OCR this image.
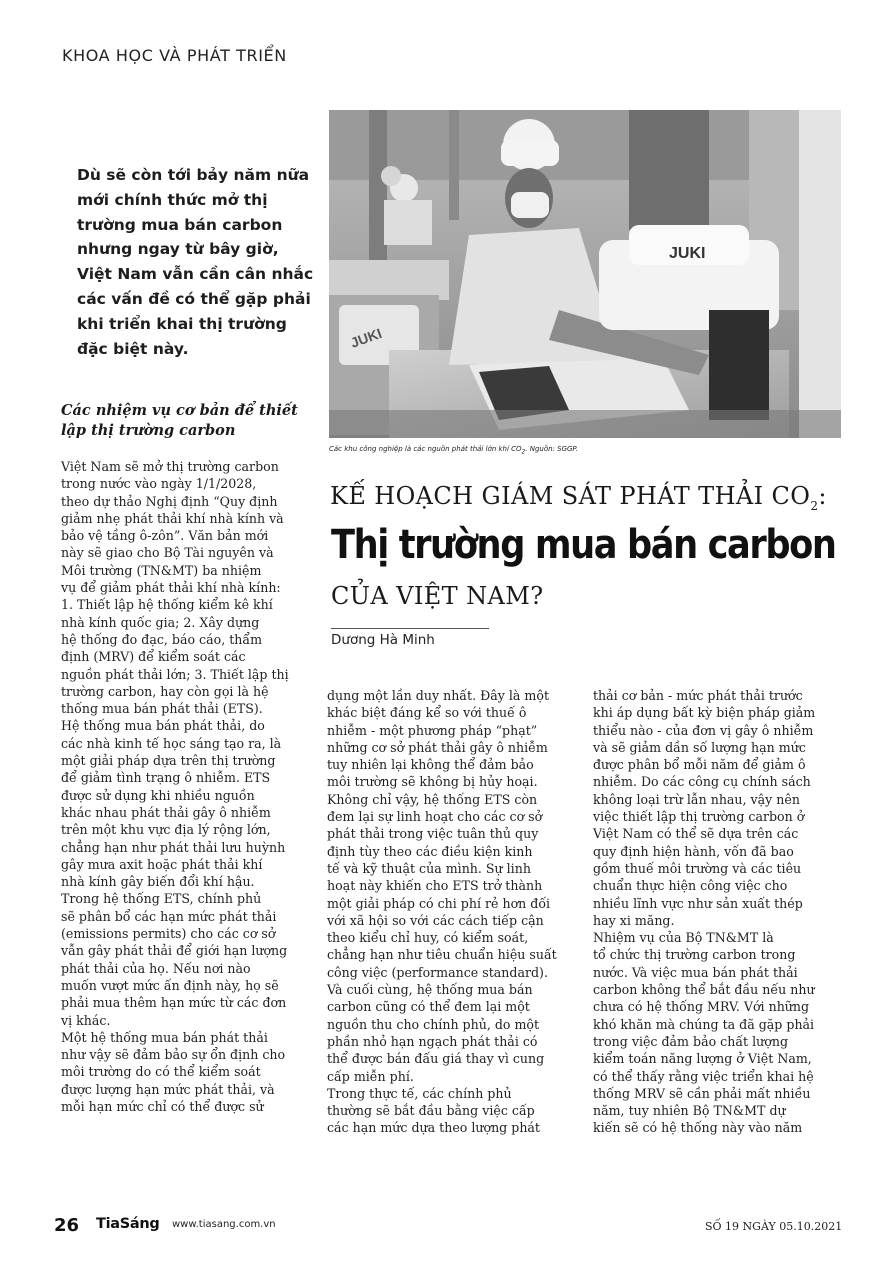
KHOA HỌC VÀ PHÁT TRIỂN
Dù sẽ còn tới bảy năm nữa mới chính thức mở thị trường mua bán carbon nhưng ngay từ bây giờ, Việt Nam vẫn cần cân nhắc các vấn đề có thể gặp phải khi triển khai thị trường đặc biệt này.	JUKI
JUKI
Các khu công nghiệp là các nguồn phát thải lớn khí $CO_2$. Nguồn: SGGP.
KẾ HOẠCH GIÁM SÁT PHÁT THẢI $CO_2$:
Thị trường mua bán carbon
CỦA VIỆT NAM?
Dương Hà Minh
Các nhiệm vụ cơ bản để thiết lập thị trường carbon

Việt Nam sẽ mở thị trường carbon

trong nước vào ngày 1/1/2028,

theo dự thảo Nghị định “Quy định

giảm nhẹ phát thải khí nhà kính và

bảo vệ tầng ô-zôn”. Văn bản mới

này sẽ giao cho Bộ Tài nguyên và

Môi trường (TN&MT) ba nhiệm

vụ để giảm phát thải khí nhà kính:

1. Thiết lập hệ thống kiểm kê khí

nhà kính quốc gia; 2. Xây dựng

hệ thống đo đạc, báo cáo, thẩm

định (MRV) để kiểm soát các

nguồn phát thải lớn; 3. Thiết lập thị

trường carbon, hay còn gọi là hệ

thống mua bán phát thải (ETS).

Hệ thống mua bán phát thải, do

các nhà kinh tế học sáng tạo ra, là

một giải pháp dựa trên thị trường

để giảm tình trạng ô nhiễm. ETS

được sử dụng khi nhiều nguồn

khác nhau phát thải gây ô nhiễm

trên một khu vực địa lý rộng lớn,

chẳng hạn như phát thải lưu huỳnh

gây mưa axit hoặc phát thải khí

nhà kính gây biến đổi khí hậu.

Trong hệ thống ETS, chính phủ

sẽ phân bổ các hạn mức phát thải

(emissions permits) cho các cơ sở

vẫn gây phát thải để giới hạn lượng

phát thải của họ. Nếu nơi nào

muốn vượt mức ấn định này, họ sẽ

phải mua thêm hạn mức từ các đơn

vị khác.

Một hệ thống mua bán phát thải

như vậy sẽ đảm bảo sự ổn định cho

môi trường do có thể kiểm soát

được lượng hạn mức phát thải, và

mỗi hạn mức chỉ có thể được sử

dụng một lần duy nhất. Đây là một

khác biệt đáng kể so với thuế ô

nhiễm - một phương pháp “phạt”

những cơ sở phát thải gây ô nhiễm

tuy nhiên lại không thể đảm bảo

môi trường sẽ không bị hủy hoại.

Không chỉ vậy, hệ thống ETS còn

đem lại sự linh hoạt cho các cơ sở

phát thải trong việc tuân thủ quy

định tùy theo các điều kiện kinh

tế và kỹ thuật của mình. Sự linh

hoạt này khiến cho ETS trở thành

một giải pháp có chi phí rẻ hơn đối

với xã hội so với các cách tiếp cận

theo kiểu chỉ huy, có kiểm soát,

chẳng hạn như tiêu chuẩn hiệu suất

công việc (performance standard).

Và cuối cùng, hệ thống mua bán

carbon cũng có thể đem lại một

nguồn thu cho chính phủ, do một

phần nhỏ hạn ngạch phát thải có

thể được bán đấu giá thay vì cung

cấp miễn phí.

Trong thực tế, các chính phủ

thường sẽ bắt đầu bằng việc cấp

các hạn mức dựa theo lượng phát

thải cơ bản - mức phát thải trước

khi áp dụng bất kỳ biện pháp giảm

thiểu nào - của đơn vị gây ô nhiễm

và sẽ giảm dần số lượng hạn mức

được phân bổ mỗi năm để giảm ô

nhiễm. Do các công cụ chính sách

không loại trừ lẫn nhau, vậy nên

việc thiết lập thị trường carbon ở

Việt Nam có thể sẽ dựa trên các

quy định hiện hành, vốn đã bao

gồm thuế môi trường và các tiêu

chuẩn thực hiện công việc cho

nhiều lĩnh vực như sản xuất thép

hay xi măng.

Nhiệm vụ của Bộ TN&MT là

tổ chức thị trường carbon trong

nước. Và việc mua bán phát thải

carbon không thể bắt đầu nếu như

chưa có hệ thống MRV. Với những

khó khăn mà chúng ta đã gặp phải

trong việc đảm bảo chất lượng

kiểm toán năng lượng ở Việt Nam,

có thể thấy rằng việc triển khai hệ

thống MRV sẽ cần phải mất nhiều

năm, tuy nhiên Bộ TN&MT dự

kiến sẽ có hệ thống này vào năm

26 TiaSáng www.tiasang.com.vn	SỐ 19 NGÀY 05.10.2021
